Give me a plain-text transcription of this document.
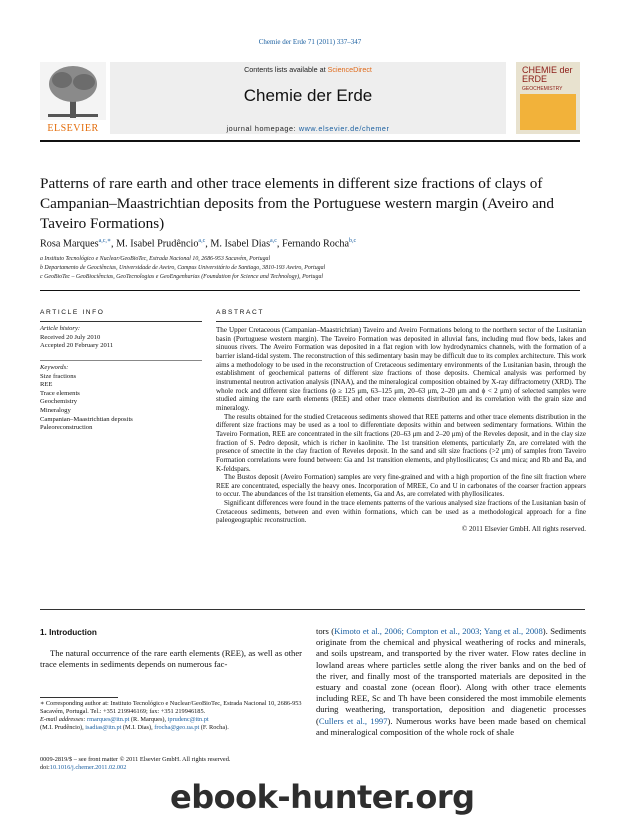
Chemie der Erde 71 (2011) 337–347
Contents lists available at ScienceDirect
Chemie der Erde
journal homepage: www.elsevier.de/chemer
ELSEVIER
CHEMIE der ERDE
GEOCHEMISTRY
Patterns of rare earth and other trace elements in different size fractions of clays of Campanian–Maastrichtian deposits from the Portuguese western margin (Aveiro and Taveiro Formations)
Rosa Marques$^{a,c,∗}$, M. Isabel Prudêncio$^{a,c}$, M. Isabel Dias$^{a,c}$, Fernando Rocha$^{b,c}$
a Instituto Tecnológico e Nuclear/GeoBioTec, Estrada Nacional 10, 2686-953 Sacavém, Portugal
b Departamento de Geociências, Universidade de Aveiro, Campus Universitário de Santiago, 3810-193 Aveiro, Portugal
c GeoBioTec – GeoBiociências, GeoTecnologias e GeoEngenharias (Foundation for Science and Technology), Portugal
ARTICLE INFO	ABSTRACT
Article history:
Received 20 July 2010
Accepted 20 February 2011
Keywords:
Size fractions
REE
Trace elements
Geochemistry
Mineralogy
Campanian–Maastrichtian deposits
Paleoreconstruction

The Upper Cretaceous (Campanian–Maastrichtian) Taveiro and Aveiro Formations belong to the northern sector of the Lusitanian basin (Portuguese western margin). The Taveiro Formation was deposited in alluvial fans, including mud flow beds, lakes and sinuous rivers. The Aveiro Formation was deposited in a flat region with low hydrodynamics channels, with the formation of a barrier island-tidal system. The reconstruction of this sedimentary basin may be difficult due to its complex architecture. This work aims a methodology to be used in the reconstruction of Cretaceous sedimentary environments of the Lusitanian basin, through the establishment of geochemical patterns of different size fractions of those deposits. Chemical analysis was performed by instrumental neutron activation analysis (INAA), and the mineralogical composition obtained by X-ray diffractometry (XRD). The whole rock and different size fractions (ϕ ≥ 125 μm, 63–125 μm, 20–63 μm, 2–20 μm and ϕ < 2 μm) of selected samples were studied aiming the rare earth elements (REE) and other trace elements distribution and its correlation with the grain size and mineralogy.

The results obtained for the studied Cretaceous sediments showed that REE patterns and other trace elements distribution in the different size fractions may be used as a tool to differentiate deposits within and between sedimentary formations. Within the Taveiro Formation, REE are concentrated in the silt fractions (20–63 μm and 2–20 μm) of the Reveles deposit, and in the clay size fraction of S. Pedro deposit, which is richer in kaolinite. The 1st transition elements, particularly Zn, are correlated with the presence of smectite in the clay fraction of Reveles deposit. In the sand and silt size fractions (>2 μm) of samples from Taveiro Formation correlations were found between: Ga and 1st transition elements, and phyllosilicates; Cs and mica; and Rb and Ba, and K-feldspars.

The Bustos deposit (Aveiro Formation) samples are very fine-grained and with a high proportion of the fine silt fraction where REE are concentrated, especially the heavy ones. Incorporation of MREE, Co and U in carbonates of the coarser fraction appears to occur. The abundances of the 1st transition elements, Ga and As, are correlated with phyllosilicates.

Significant differences were found in the trace elements patterns of the various analysed size fractions of the Lusitanian basin of Cretaceous sediments, between and even within formations, which can be used as a methodological approach for a fine paleogeographic reconstruction.

© 2011 Elsevier GmbH. All rights reserved.

1. Introduction
The natural occurrence of the rare earth elements (REE), as well as other trace elements in sediments depends on numerous fac-

∗ Corresponding author at: Instituto Tecnológico e Nuclear/GeoBioTec, Estrada Nacional 10, 2686-953 Sacavém, Portugal. Tel.: +351 219946169; fax: +351 219946185.

E-mail addresses: rmarques@itn.pt (R. Marques), iprudenc@itn.pt

(M.I. Prudêncio), isadias@itn.pt (M.I. Dias), frocha@geo.ua.pt (F. Rocha).

0009-2819/$ – see front matter © 2011 Elsevier GmbH. All rights reserved.

doi:10.1016/j.chemer.2011.02.002

tors (Kimoto et al., 2006; Compton et al., 2003; Yang et al., 2008). Sediments originate from the chemical and physical weathering of rocks and minerals, and soils upstream, and transported by the river water. Flow rates decline in lowland areas where particles settle along the river banks and on the bed of the river, and finally most of the transported materials are deposited in the estuary and coastal zone (ocean floor). Along with other trace elements including REE, Sc and Th have been considered the most immobile elements during weathering, transportation, deposition and diagenetic processes (Cullers et al., 1997). Numerous works have been made based on chemical and mineralogical composition of the whole rock of shale
ebook-hunter.org
